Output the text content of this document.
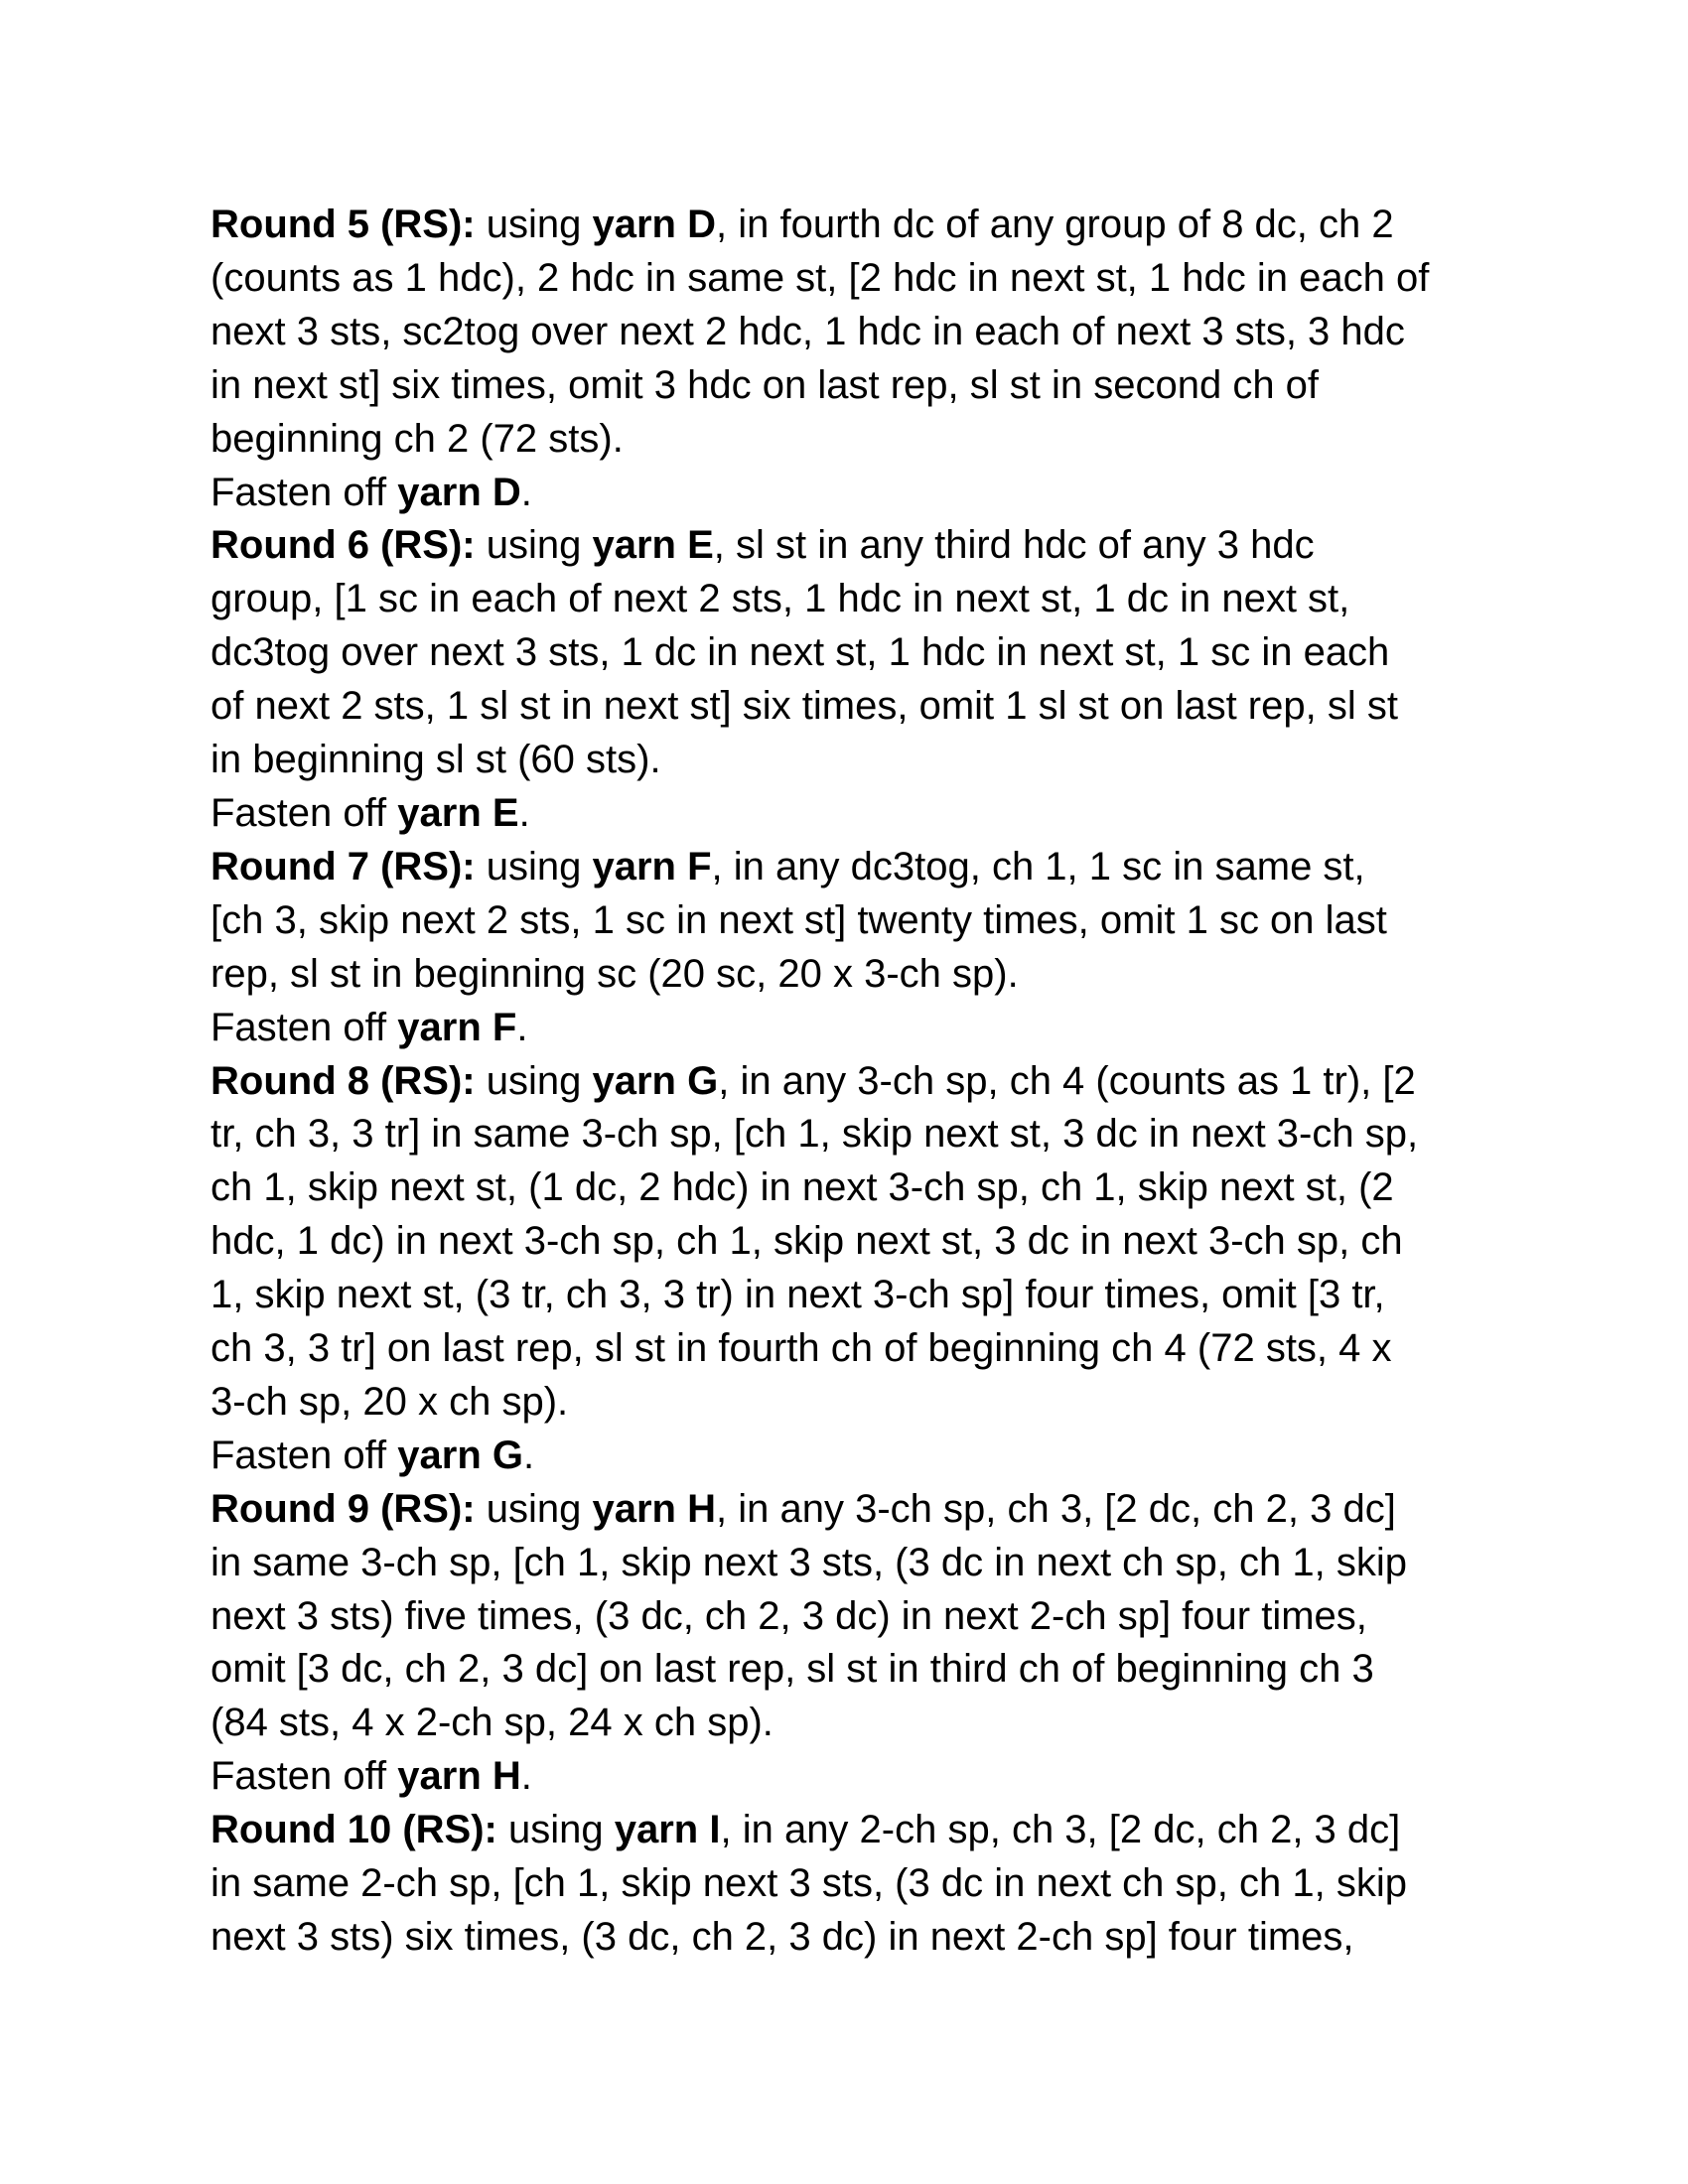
Round 5 (RS): using yarn D, in fourth dc of any group of 8 dc, ch 2
(counts as 1 hdc), 2 hdc in same st, [2 hdc in next st, 1 hdc in each of
next 3 sts, sc2tog over next 2 hdc, 1 hdc in each of next 3 sts, 3 hdc
in next st] six times, omit 3 hdc on last rep, sl st in second ch of
beginning ch 2 (72 sts).
Fasten off yarn D.
Round 6 (RS): using yarn E, sl st in any third hdc of any 3 hdc
group, [1 sc in each of next 2 sts, 1 hdc in next st, 1 dc in next st,
dc3tog over next 3 sts, 1 dc in next st, 1 hdc in next st, 1 sc in each
of next 2 sts, 1 sl st in next st] six times, omit 1 sl st on last rep, sl st
in beginning sl st (60 sts).
Fasten off yarn E.
Round 7 (RS): using yarn F, in any dc3tog, ch 1, 1 sc in same st,
[ch 3, skip next 2 sts, 1 sc in next st] twenty times, omit 1 sc on last
rep, sl st in beginning sc (20 sc, 20 x 3-ch sp).
Fasten off yarn F.
Round 8 (RS): using yarn G, in any 3-ch sp, ch 4 (counts as 1 tr), [2
tr, ch 3, 3 tr] in same 3-ch sp, [ch 1, skip next st, 3 dc in next 3-ch sp,
ch 1, skip next st, (1 dc, 2 hdc) in next 3-ch sp, ch 1, skip next st, (2
hdc, 1 dc) in next 3-ch sp, ch 1, skip next st, 3 dc in next 3-ch sp, ch
1, skip next st, (3 tr, ch 3, 3 tr) in next 3-ch sp] four times, omit [3 tr,
ch 3, 3 tr] on last rep, sl st in fourth ch of beginning ch 4 (72 sts, 4 x
3-ch sp, 20 x ch sp).
Fasten off yarn G.
Round 9 (RS): using yarn H, in any 3-ch sp, ch 3, [2 dc, ch 2, 3 dc]
in same 3-ch sp, [ch 1, skip next 3 sts, (3 dc in next ch sp, ch 1, skip
next 3 sts) five times, (3 dc, ch 2, 3 dc) in next 2-ch sp] four times,
omit [3 dc, ch 2, 3 dc] on last rep, sl st in third ch of beginning ch 3
(84 sts, 4 x 2-ch sp, 24 x ch sp).
Fasten off yarn H.
Round 10 (RS): using yarn I, in any 2-ch sp, ch 3, [2 dc, ch 2, 3 dc]
in same 2-ch sp, [ch 1, skip next 3 sts, (3 dc in next ch sp, ch 1, skip
next 3 sts) six times, (3 dc, ch 2, 3 dc) in next 2-ch sp] four times,
